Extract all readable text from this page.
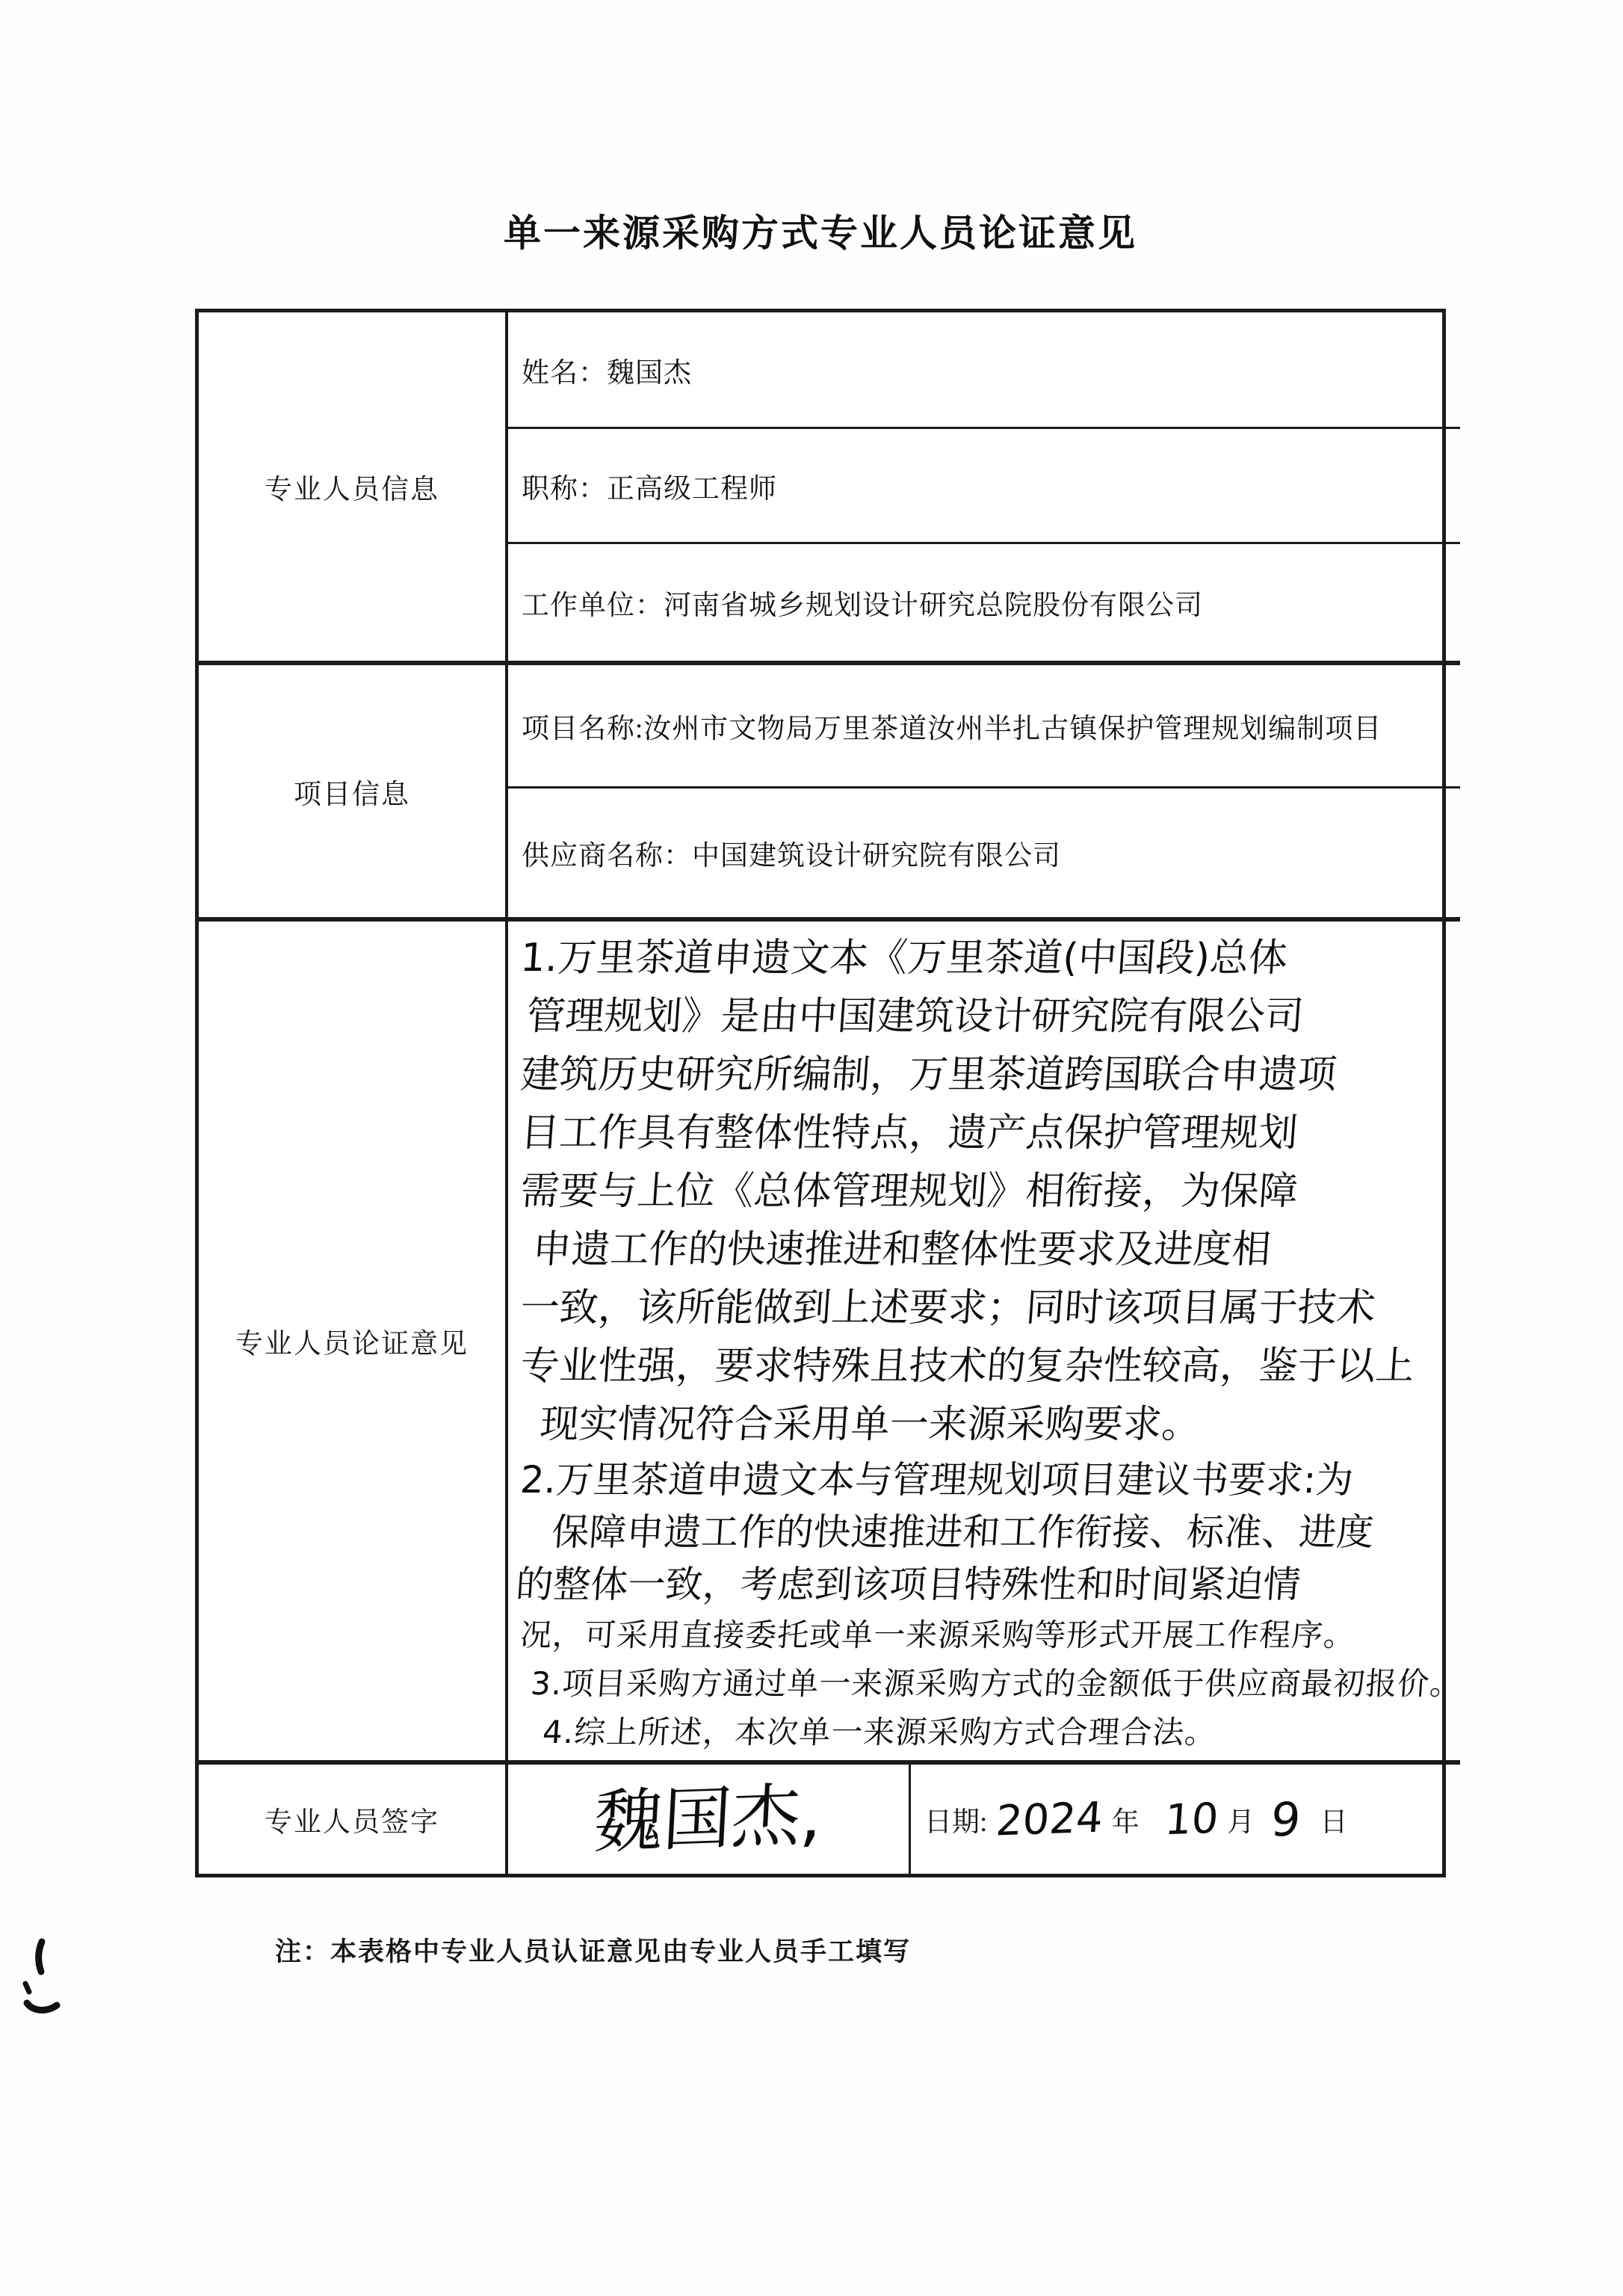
单一来源采购方式专业人员论证意见
专业人员信息
姓名：魏国杰
职称：正高级工程师
工作单位：河南省城乡规划设计研究总院股份有限公司
项目信息
项目名称:汝州市文物局万里茶道汝州半扎古镇保护管理规划编制项目
供应商名称：中国建筑设计研究院有限公司
专业人员论证意见
1.万里茶道申遗文本《万里茶道(中国段)总体
管理规划》是由中国建筑设计研究院有限公司
建筑历史研究所编制，万里茶道跨国联合申遗项
目工作具有整体性特点，遗产点保护管理规划
需要与上位《总体管理规划》相衔接，为保障
申遗工作的快速推进和整体性要求及进度相
一致，该所能做到上述要求；同时该项目属于技术
专业性强，要求特殊且技术的复杂性较高，鉴于以上
现实情况符合采用单一来源采购要求。
2.万里茶道申遗文本与管理规划项目建议书要求:为
保障申遗工作的快速推进和工作衔接、标准、进度
的整体一致，考虑到该项目特殊性和时间紧迫情
况，可采用直接委托或单一来源采购等形式开展工作程序。
3.项目采购方通过单一来源采购方式的金额低于供应商最初报价。
4.综上所述，本次单一来源采购方式合理合法。
专业人员签字	魏国杰,	日期: 2024 年 10 月 9 日
注：本表格中专业人员认证意见由专业人员手工填写
